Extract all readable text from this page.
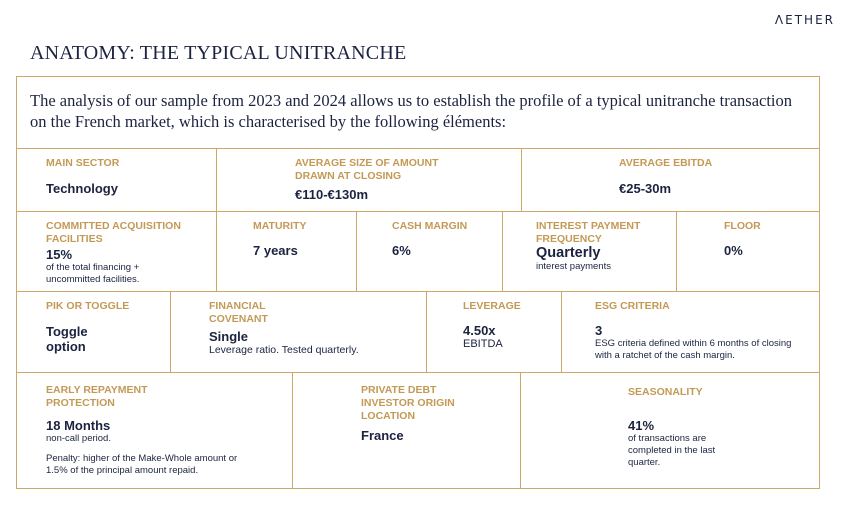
ΛETHER
ANATOMY: THE TYPICAL UNITRANCHE
The analysis of our sample from 2023 and 2024 allows us to establish the profile of a typical unitranche transaction on the French market, which is characterised by the following éléments:
MAIN SECTOR
Technology
AVERAGE SIZE OF AMOUNT DRAWN AT CLOSING
€110-€130m
AVERAGE EBITDA
€25-30m
COMMITTED ACQUISITION FACILITIES
15%
of the total financing + uncommitted facilities.
MATURITY
7 years
CASH MARGIN
6%
INTEREST PAYMENT FREQUENCY
Quarterly
interest payments
FLOOR
0%
PIK OR TOGGLE
Toggle
option
FINANCIAL COVENANT
Single
Leverage ratio. Tested quarterly.
LEVERAGE
4.50x
EBITDA
ESG CRITERIA
3
ESG criteria defined within 6 months of closing with a ratchet of the cash margin.
EARLY REPAYMENT PROTECTION
18 Months
non-call period.
Penalty: higher of the Make-Whole amount or 1.5% of the principal amount repaid.
PRIVATE DEBT INVESTOR ORIGIN LOCATION
France
SEASONALITY
41%
of transactions are completed in the last quarter.
